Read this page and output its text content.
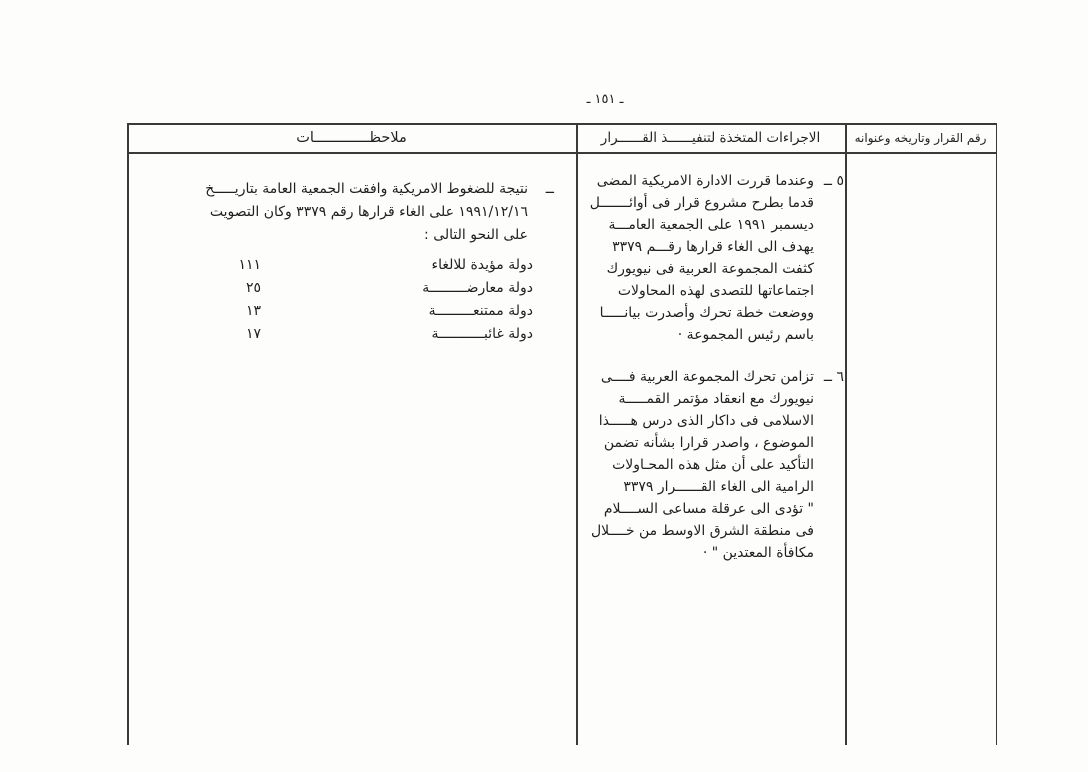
ـ ١٥١ ـ
ملاحظـــــــــــــات	الاجراءات المتخذة لتنفيــــــذ القــــــرار	رقم القرار وتاريخه وعنوانه
٥ ــ
وعندما قررت الادارة الامريكية المضى
قدما بطرح مشروع قرار فى أوائـــــــل
ديسمبر ١٩٩١ على الجمعية العامـــة
يهدف الى الغاء قرارها رقـــم ٣٣٧٩
كثفت المجموعة العربية فى نيويورك
اجتماعاتها للتصدى لهذه المحاولات
ووضعت خطة تحرك وأصدرت بيانـــــا
باسم رئيس المجموعة ·
٦ ــ
تزامن تحرك المجموعة العربية فــــى
نيويورك مع انعقاد مؤتمر القمـــــة
الاسلامى فى داكار الذى درس هـــــذا
الموضوع ، واصدر قرارا بشأنه تضمن
التأكيد على أن مثل هذه المحـاولات
الرامية الى الغاء القــــــرار ٣٣٧٩
" تؤدى الى عرقلة مساعى الســــلام
فى منطقة الشرق الاوسط من خــــلال
مكافأة المعتدين " ·
ــ
نتيجة للضغوط الامريكية وافقت الجمعية العامة بتاريـــــخ
١٩٩١/١٢/١٦ على الغاء قرارها رقم ٣٣٧٩ وكان التصويت
على النحو التالى :
دولة مؤيدة للالغاء
١١١
دولة معارضـــــــــة
٢٥
دولة ممتنعـــــــــة
١٣
دولة غائبـــــــــــة
١٧
